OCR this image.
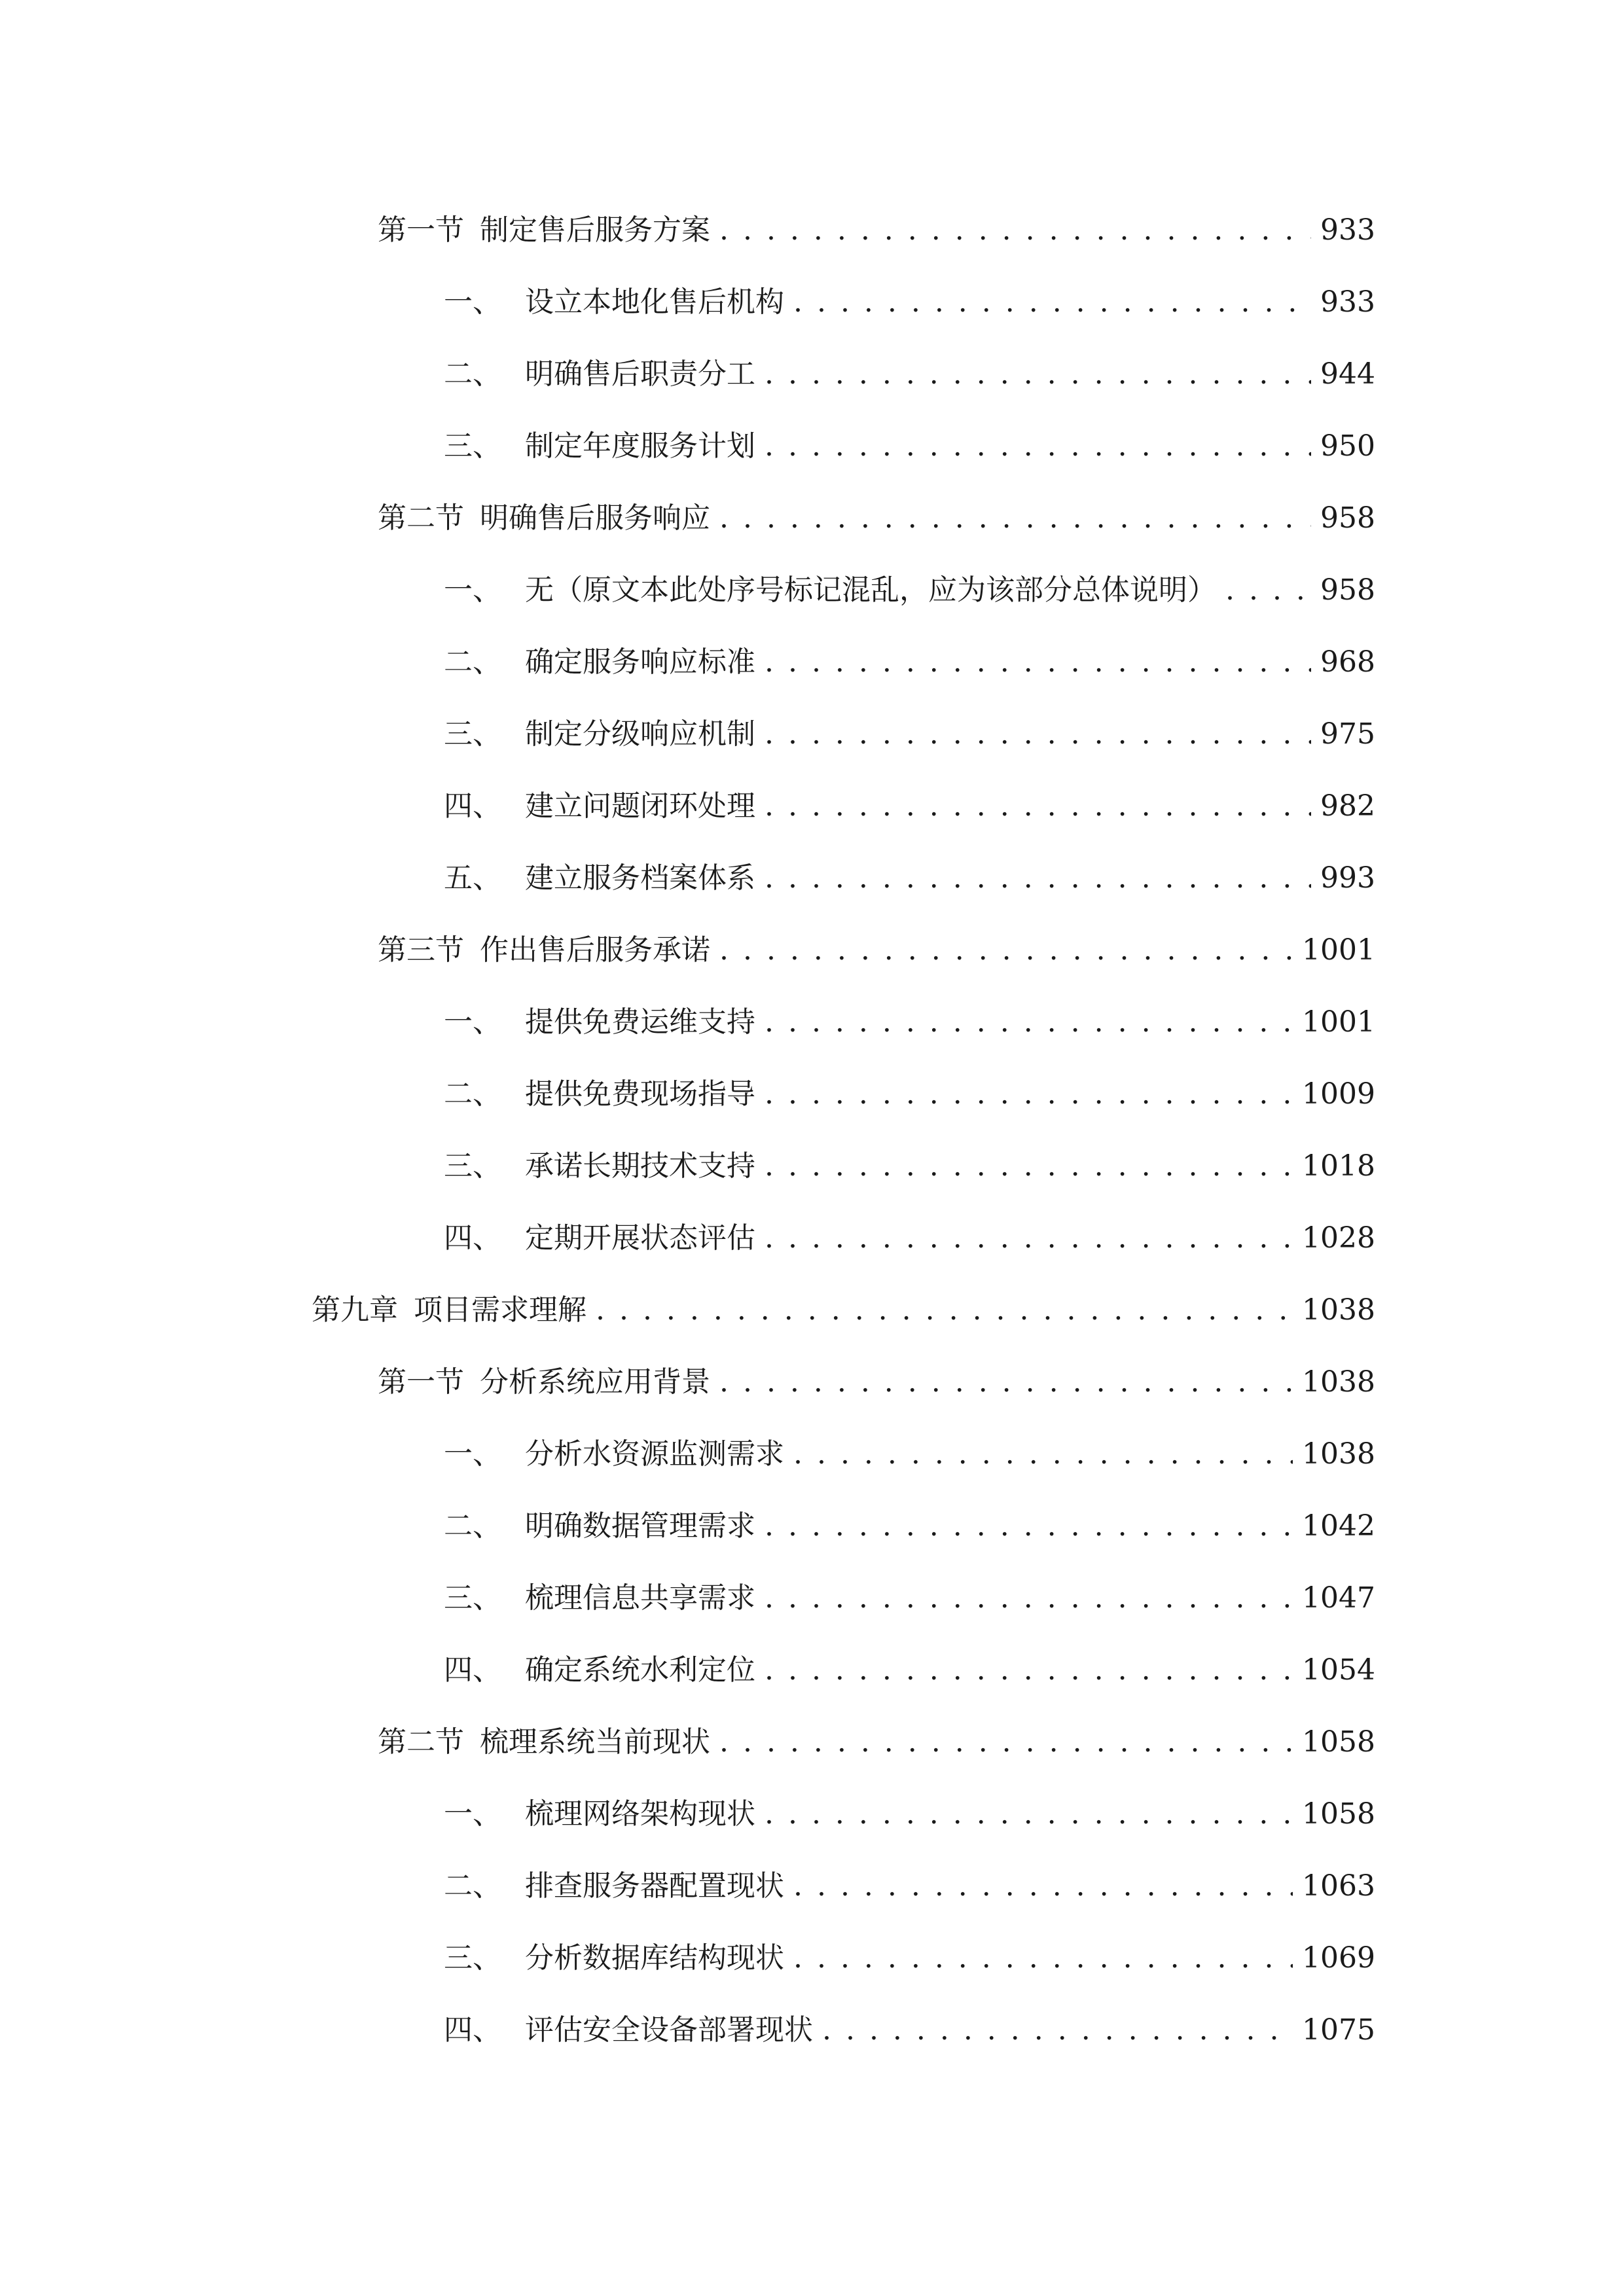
第一节 制定售后服务方案 . . .	933
一、 设立本地化售后机构 . . .	933
二、 明确售后职责分工 . . .	944
三、 制定年度服务计划 . . .	950
第二节 明确售后服务响应 . . .	958
一、 无（原文本此处序号标记混乱，应为该部分总体说明） . . .	958
二、 确定服务响应标准 . . .	968
三、 制定分级响应机制 . . .	975
四、 建立问题闭环处理 . . .	982
五、 建立服务档案体系 . . .	993
第三节 作出售后服务承诺 . . .	1001
一、 提供免费运维支持 . . .	1001
二、 提供免费现场指导 . . .	1009
三、 承诺长期技术支持 . . .	1018
四、 定期开展状态评估 . . .	1028
第九章 项目需求理解 . . .	1038
第一节 分析系统应用背景 . . .	1038
一、 分析水资源监测需求 . . .	1038
二、 明确数据管理需求 . . .	1042
三、 梳理信息共享需求 . . .	1047
四、 确定系统水利定位 . . .	1054
第二节 梳理系统当前现状 . . .	1058
一、 梳理网络架构现状 . . .	1058
二、 排查服务器配置现状 . . .	1063
三、 分析数据库结构现状 . . .	1069
四、 评估安全设备部署现状 . . .	1075
